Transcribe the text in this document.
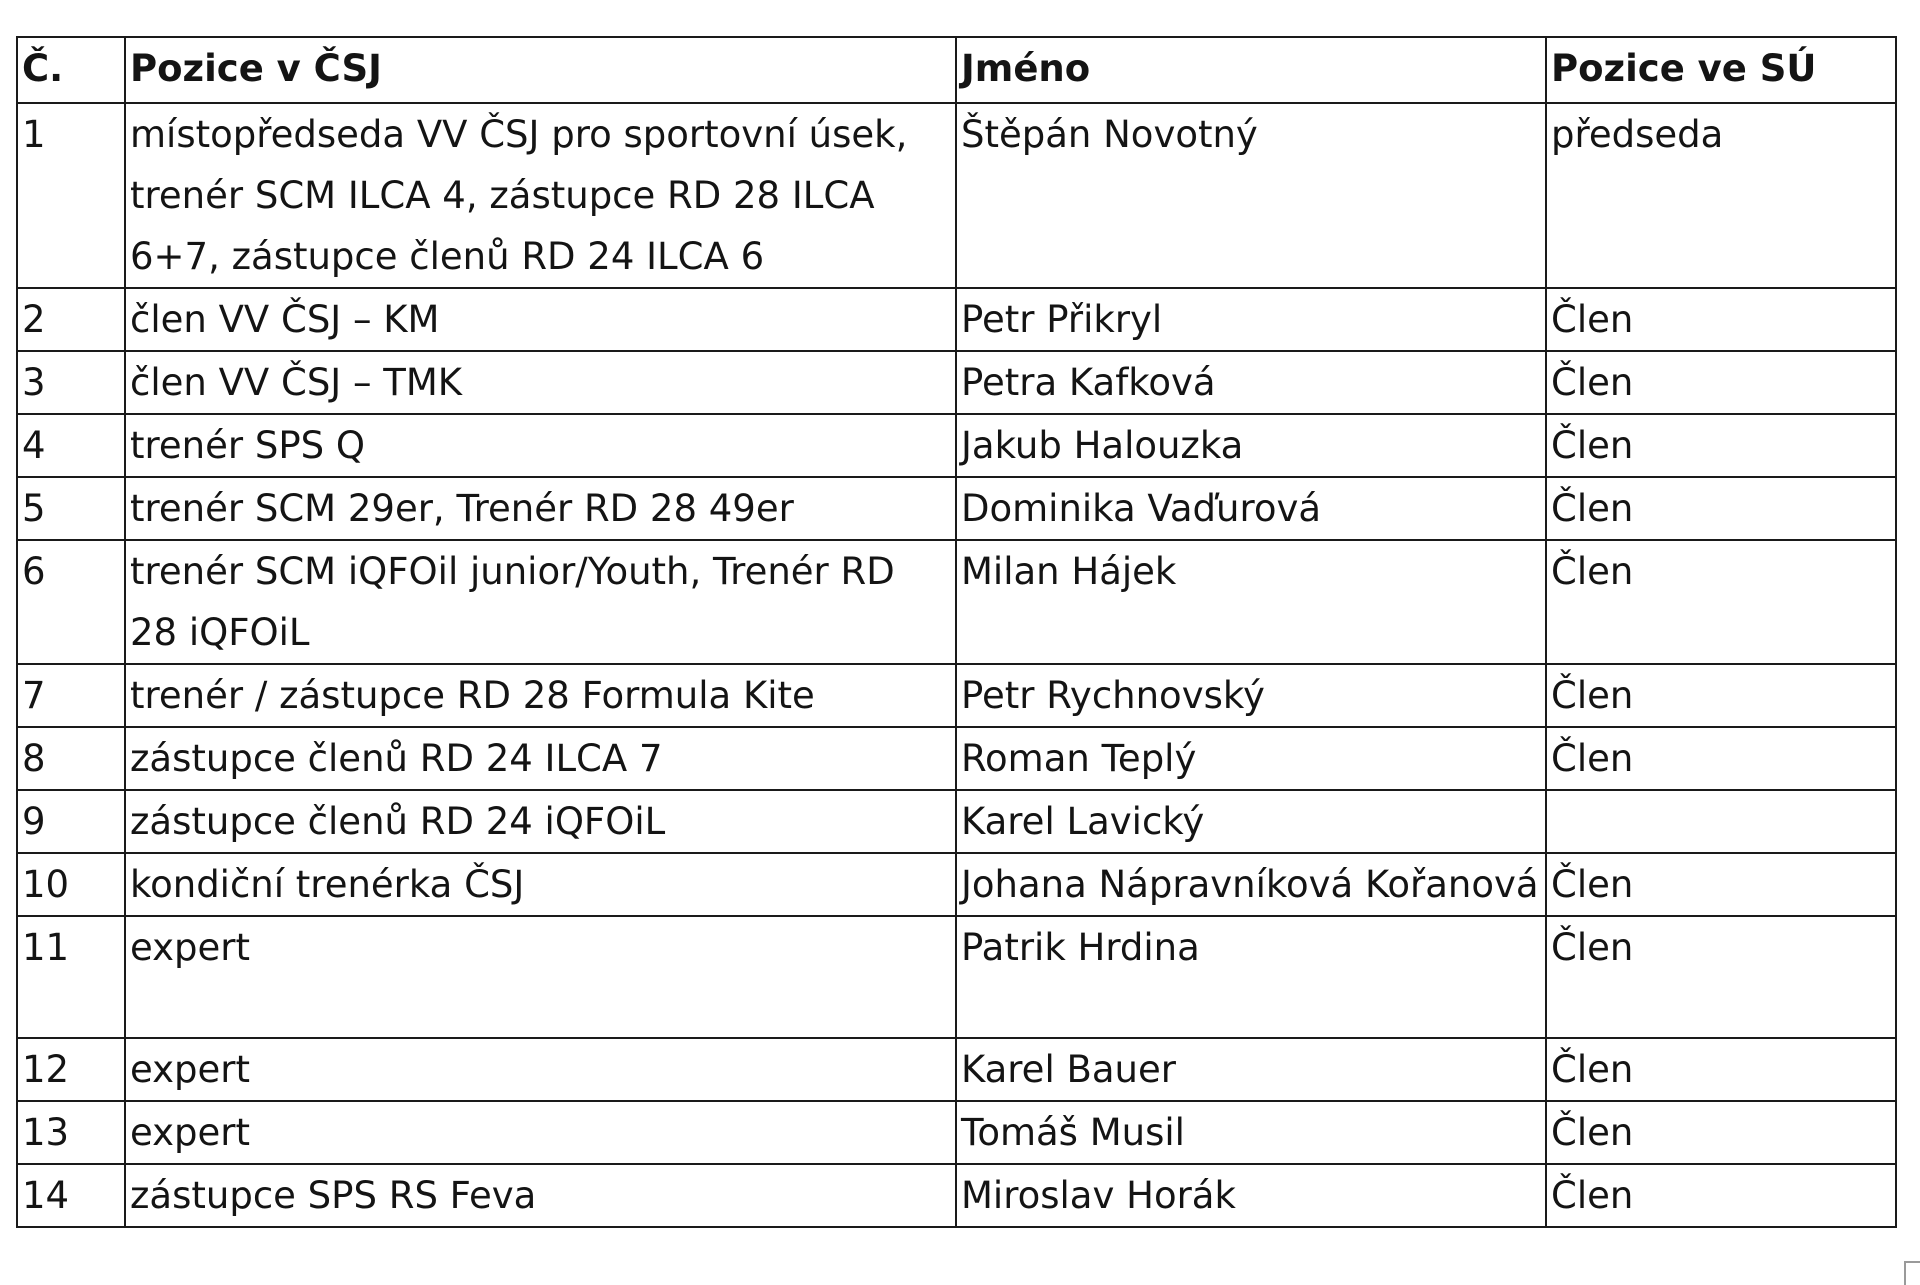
Č.	Pozice v ČSJ	Jméno	Pozice ve SÚ
1	místopředseda VV ČSJ pro sportovní úsek, trenér SCM ILCA 4, zástupce RD 28 ILCA 6+7, zástupce členů RD 24 ILCA 6	Štěpán Novotný	předseda
2	člen VV ČSJ – KM	Petr Přikryl	Člen
3	člen VV ČSJ – TMK	Petra Kafková	Člen
4	trenér SPS Q	Jakub Halouzka	Člen
5	trenér SCM 29er, Trenér RD 28 49er	Dominika Vaďurová	Člen
6	trenér SCM iQFOil junior/Youth, Trenér RD 28 iQFOiL	Milan Hájek	Člen
7	trenér / zástupce RD 28 Formula Kite	Petr Rychnovský	Člen
8	zástupce členů RD 24 ILCA 7	Roman Teplý	Člen
9	zástupce členů RD 24 iQFOiL	Karel Lavický	
10	kondiční trenérka ČSJ	Johana Nápravníková Kořanová	Člen
11	expert	Patrik Hrdina	Člen
12	expert	Karel Bauer	Člen
13	expert	Tomáš Musil	Člen
14	zástupce SPS RS Feva	Miroslav Horák	Člen
